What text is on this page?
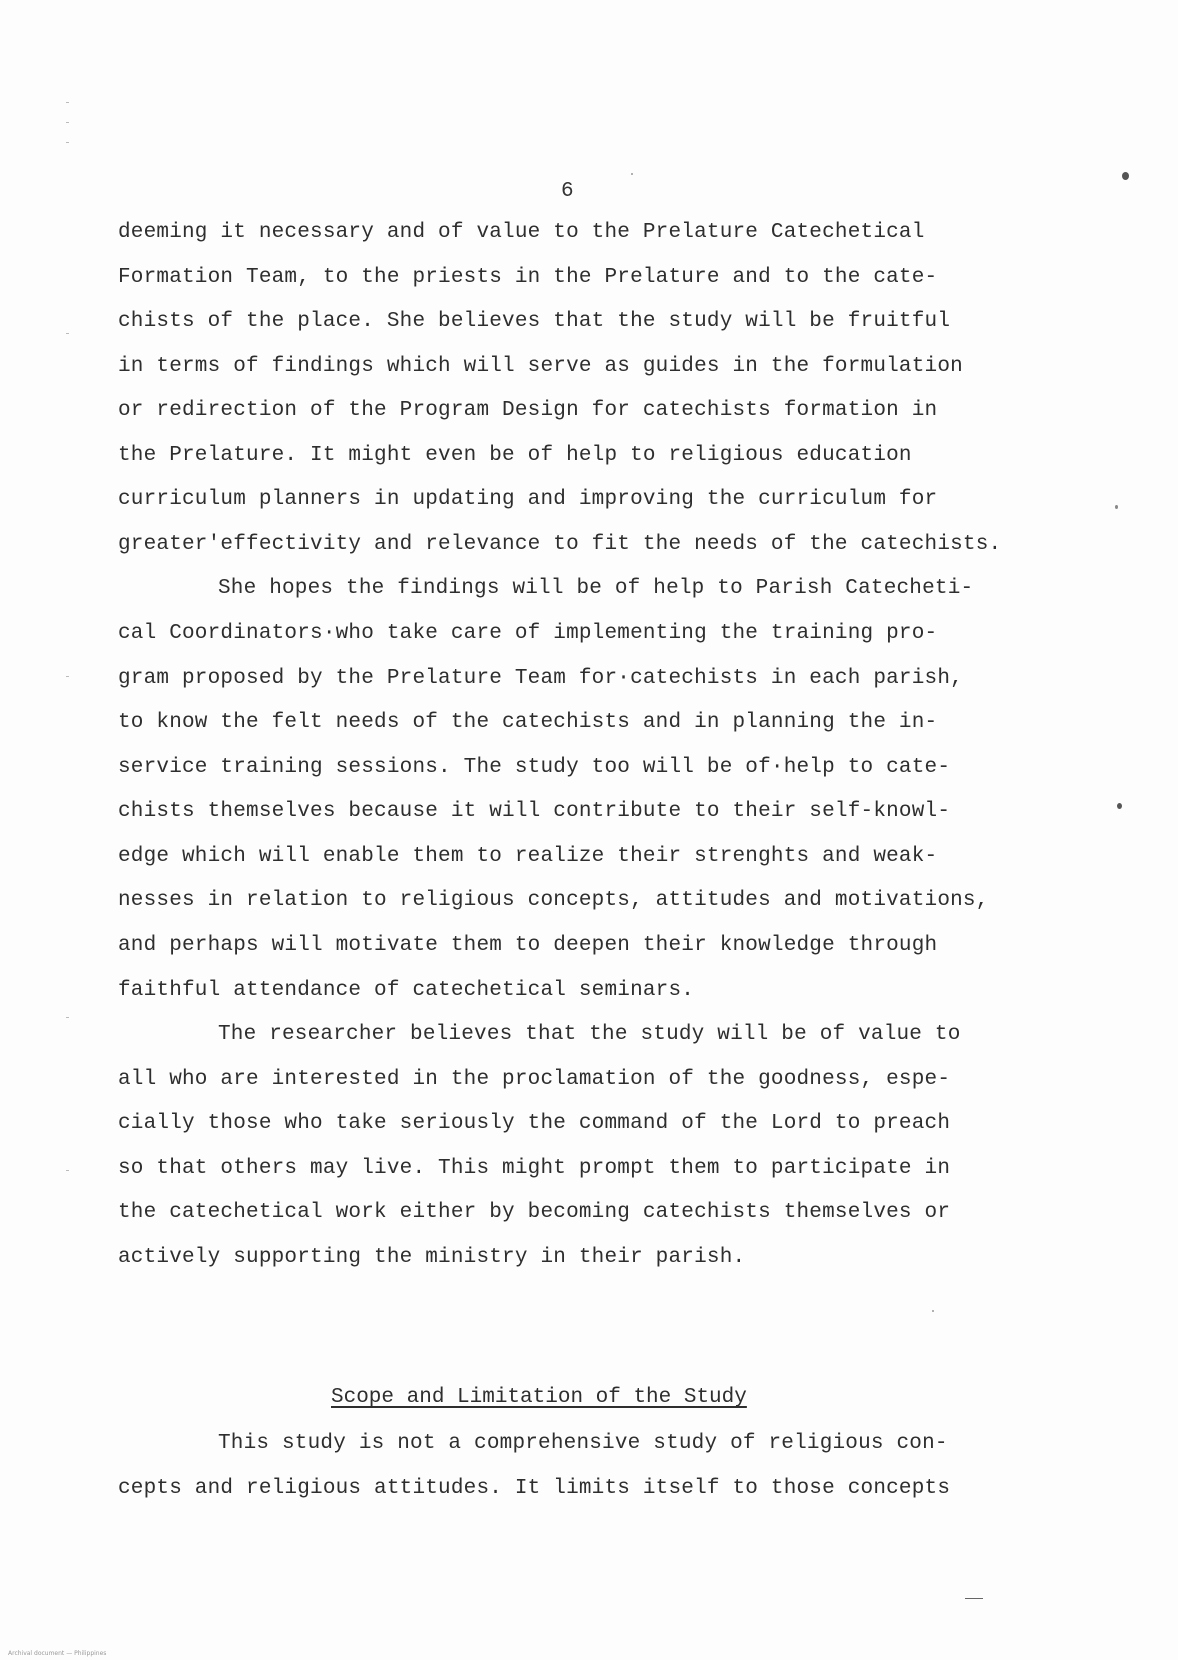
6
deeming it necessary and of value to the Prelature Catechetical
Formation Team, to the priests in the Prelature and to the cate-
chists of the place. She believes that the study will be fruitful
in terms of findings which will serve as guides in the formulation
or redirection of the Program Design for catechists formation in
the Prelature. It might even be of help to religious education
curriculum planners in updating and improving the curriculum for
greater'effectivity and relevance to fit the needs of the catechists.
She hopes the findings will be of help to Parish Catecheti-
cal Coordinators·who take care of implementing the training pro-
gram proposed by the Prelature Team for·catechists in each parish,
to know the felt needs of the catechists and in planning the in-
service training sessions. The study too will be of·help to cate-
chists themselves because it will contribute to their self-knowl-
edge which will enable them to realize their strenghts and weak-
nesses in relation to religious concepts, attitudes and motivations,
and perhaps will motivate them to deepen their knowledge through
faithful attendance of catechetical seminars.
The researcher believes that the study will be of value to
all who are interested in the proclamation of the goodness, espe-
cially those who take seriously the command of the Lord to preach
so that others may live. This might prompt them to participate in
the catechetical work either by becoming catechists themselves or
actively supporting the ministry in their parish.
Scope and Limitation of the Study
This study is not a comprehensive study of religious con-
cepts and religious attitudes. It limits itself to those concepts
Archival document — Philippines
